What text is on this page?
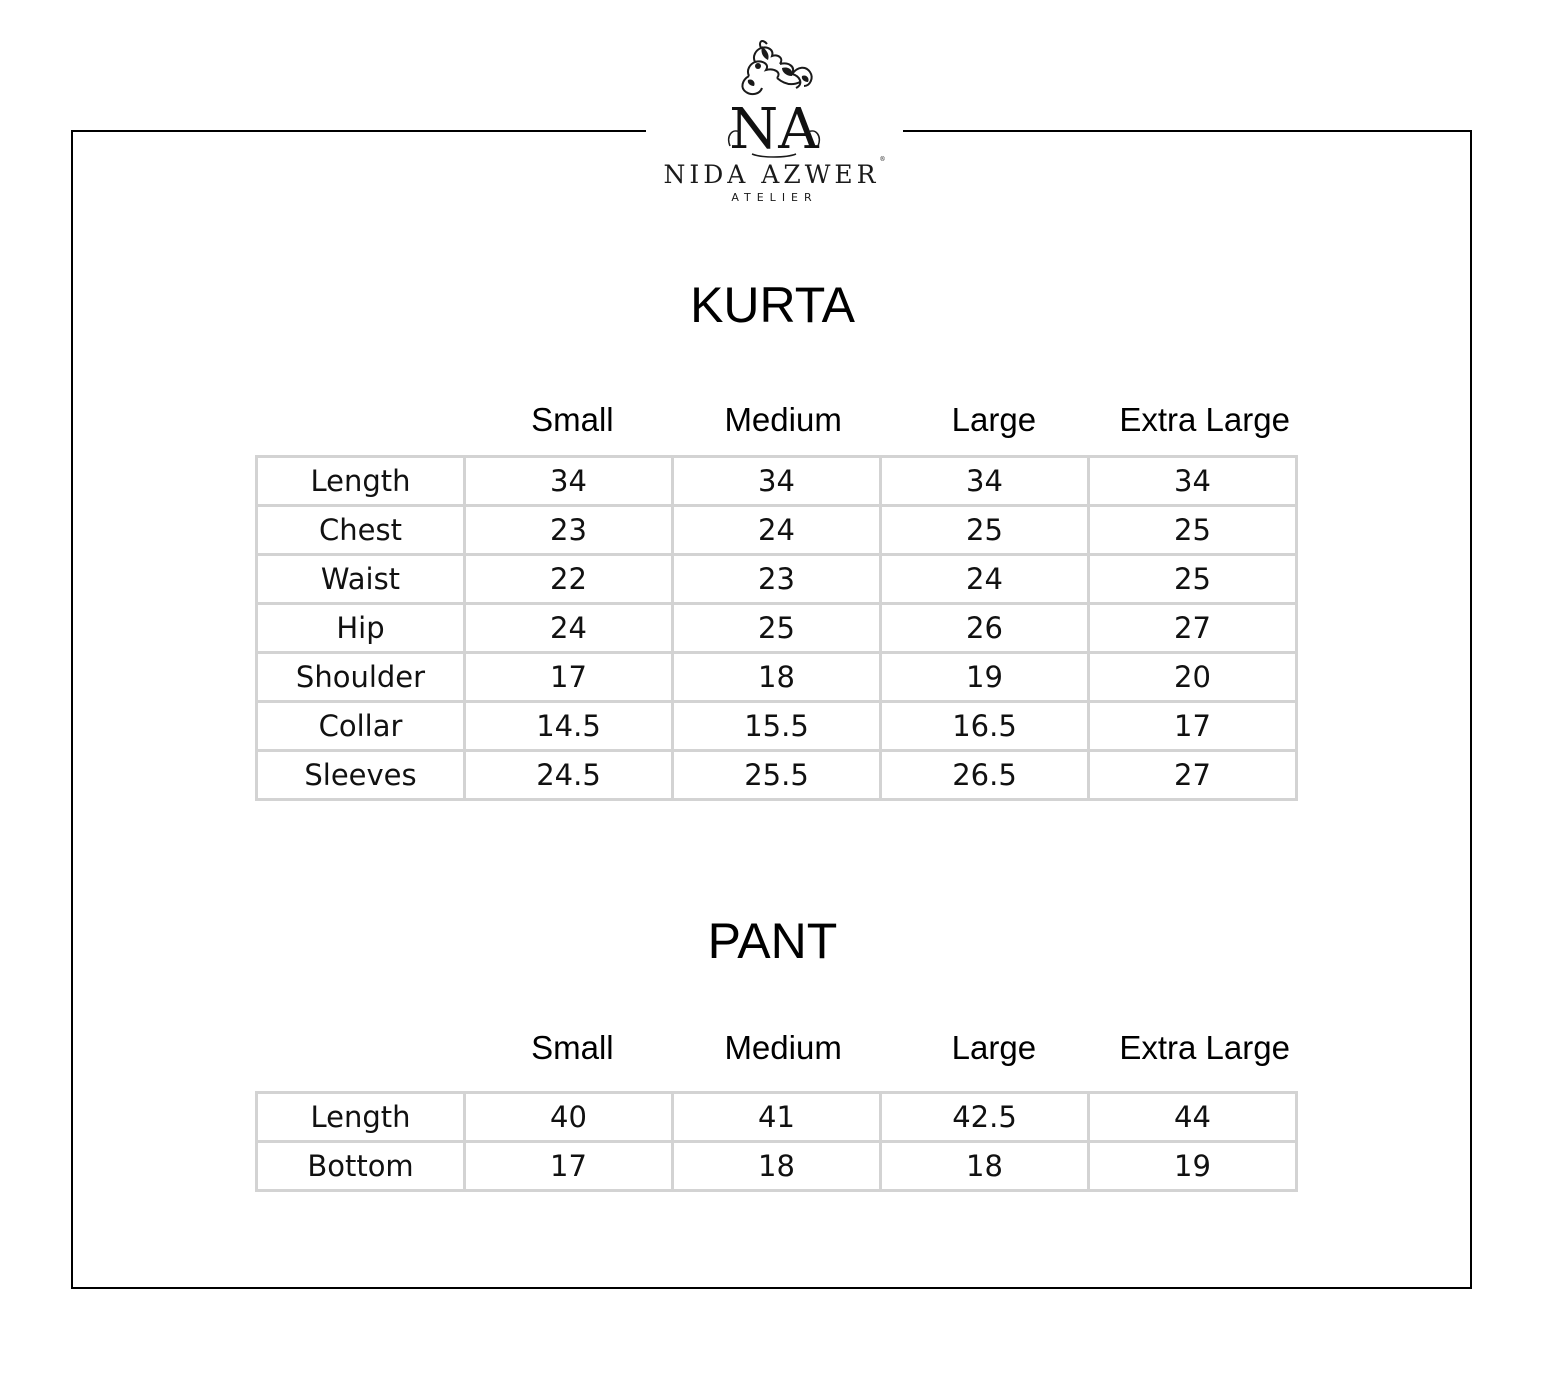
NA
NIDA AZWER®
ATELIER
KURTA
Small	Medium	Large	Extra Large
Length	34	34	34	34
Chest	23	24	25	25
Waist	22	23	24	25
Hip	24	25	26	27
Shoulder	17	18	19	20
Collar	14.5	15.5	16.5	17
Sleeves	24.5	25.5	26.5	27
PANT
Small	Medium	Large	Extra Large
Length	40	41	42.5	44
Bottom	17	18	18	19
